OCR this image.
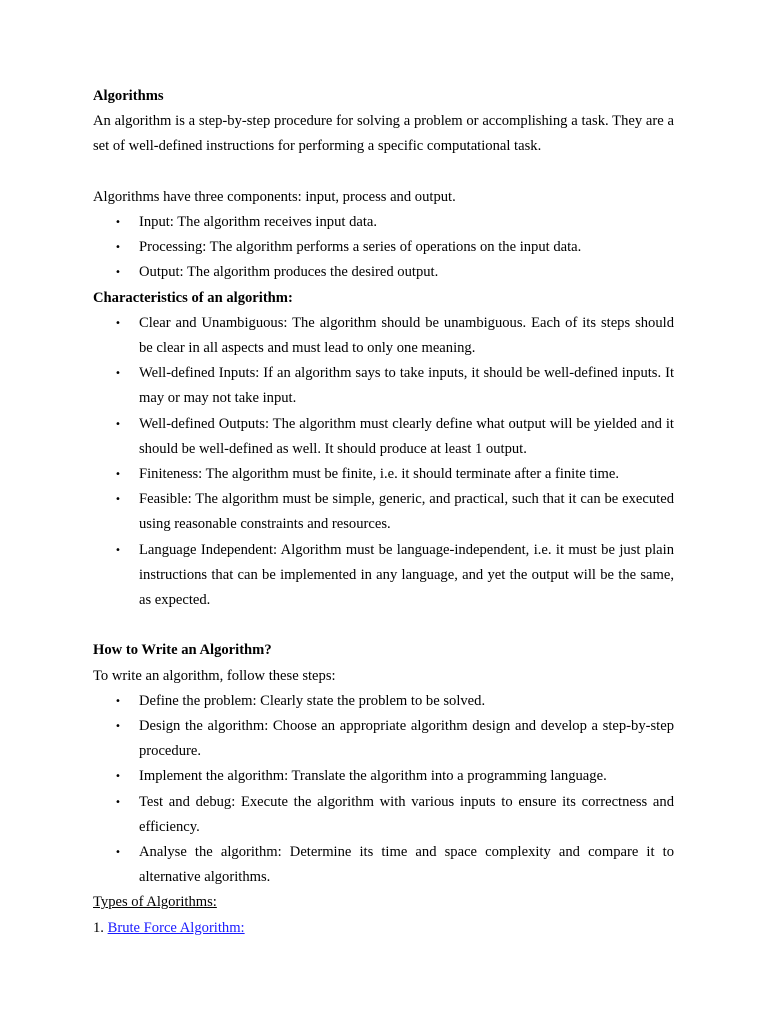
Algorithms

An algorithm is a step-by-step procedure for solving a problem or accomplishing a task. They are a set of well-defined instructions for performing a specific computational task.

Algorithms have three components: input, process and output.

• Input: The algorithm receives input data.
• Processing: The algorithm performs a series of operations on the input data.
• Output: The algorithm produces the desired output.

Characteristics of an algorithm:

• Clear and Unambiguous: The algorithm should be unambiguous. Each of its steps should be clear in all aspects and must lead to only one meaning.
• Well-defined Inputs: If an algorithm says to take inputs, it should be well-defined inputs. It may or may not take input.
• Well-defined Outputs: The algorithm must clearly define what output will be yielded and it should be well-defined as well. It should produce at least 1 output.
• Finiteness: The algorithm must be finite, i.e. it should terminate after a finite time.
• Feasible: The algorithm must be simple, generic, and practical, such that it can be executed using reasonable constraints and resources.
• Language Independent: Algorithm must be language-independent, i.e. it must be just plain instructions that can be implemented in any language, and yet the output will be the same, as expected.

How to Write an Algorithm?

To write an algorithm, follow these steps:

• Define the problem: Clearly state the problem to be solved.
• Design the algorithm: Choose an appropriate algorithm design and develop a step-by-step procedure.
• Implement the algorithm: Translate the algorithm into a programming language.
• Test and debug: Execute the algorithm with various inputs to ensure its correctness and efficiency.
• Analyse the algorithm: Determine its time and space complexity and compare it to alternative algorithms.

Types of Algorithms:

1. Brute Force Algorithm:
